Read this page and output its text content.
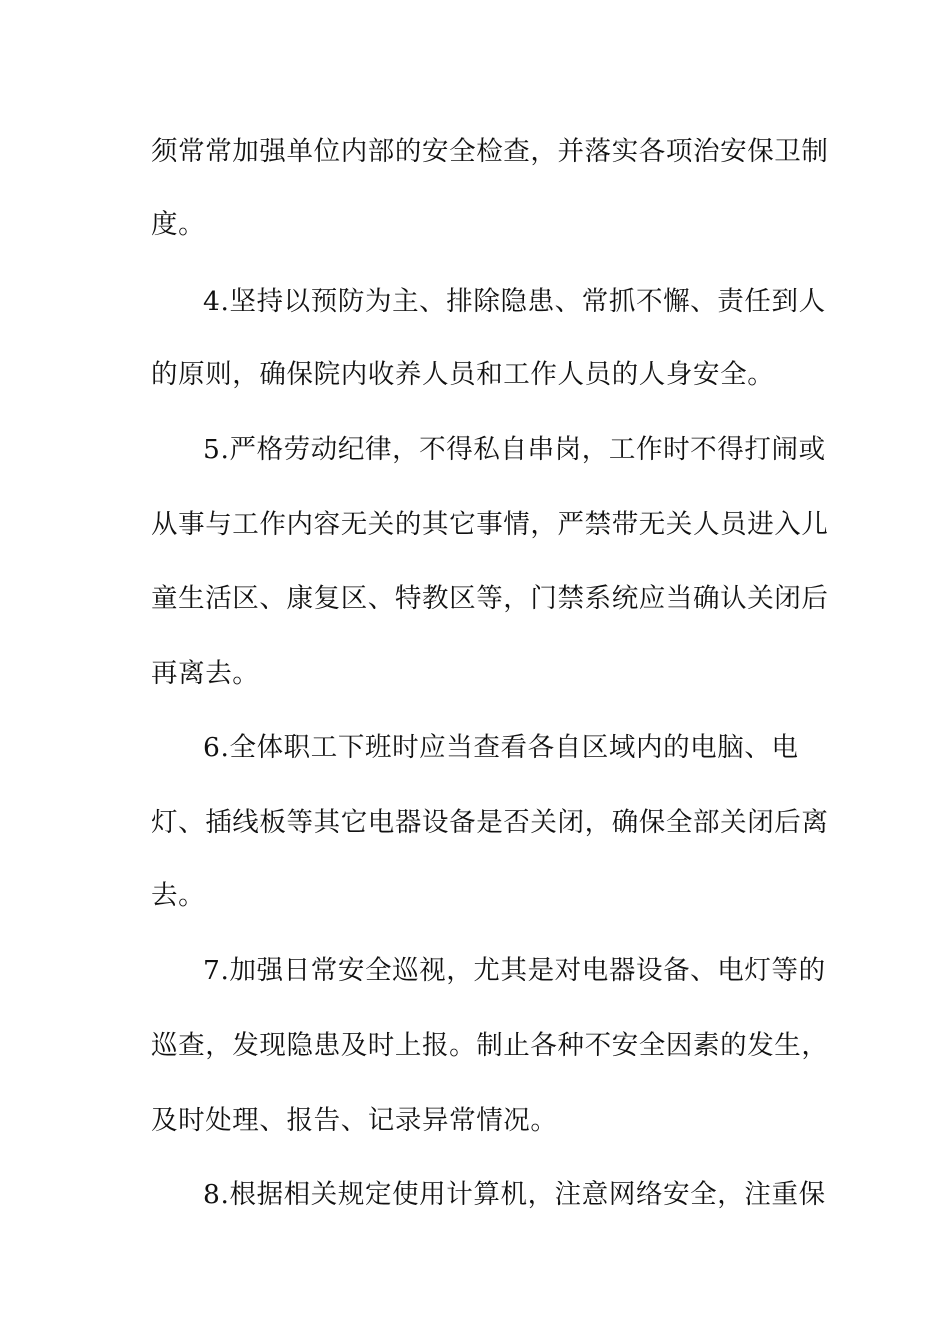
须常常加强单位内部的安全检查，并落实各项治安保卫制
度。
4.坚持以预防为主、排除隐患、常抓不懈、责任到人
的原则，确保院内收养人员和工作人员的人身安全。
5.严格劳动纪律，不得私自串岗，工作时不得打闹或
从事与工作内容无关的其它事情，严禁带无关人员进入儿
童生活区、康复区、特教区等，门禁系统应当确认关闭后
再离去。
6.全体职工下班时应当查看各自区域内的电脑、电
灯、插线板等其它电器设备是否关闭，确保全部关闭后离
去。
7.加强日常安全巡视，尤其是对电器设备、电灯等的
巡查，发现隐患及时上报。制止各种不安全因素的发生，
及时处理、报告、记录异常情况。
8.根据相关规定使用计算机，注意网络安全，注重保
